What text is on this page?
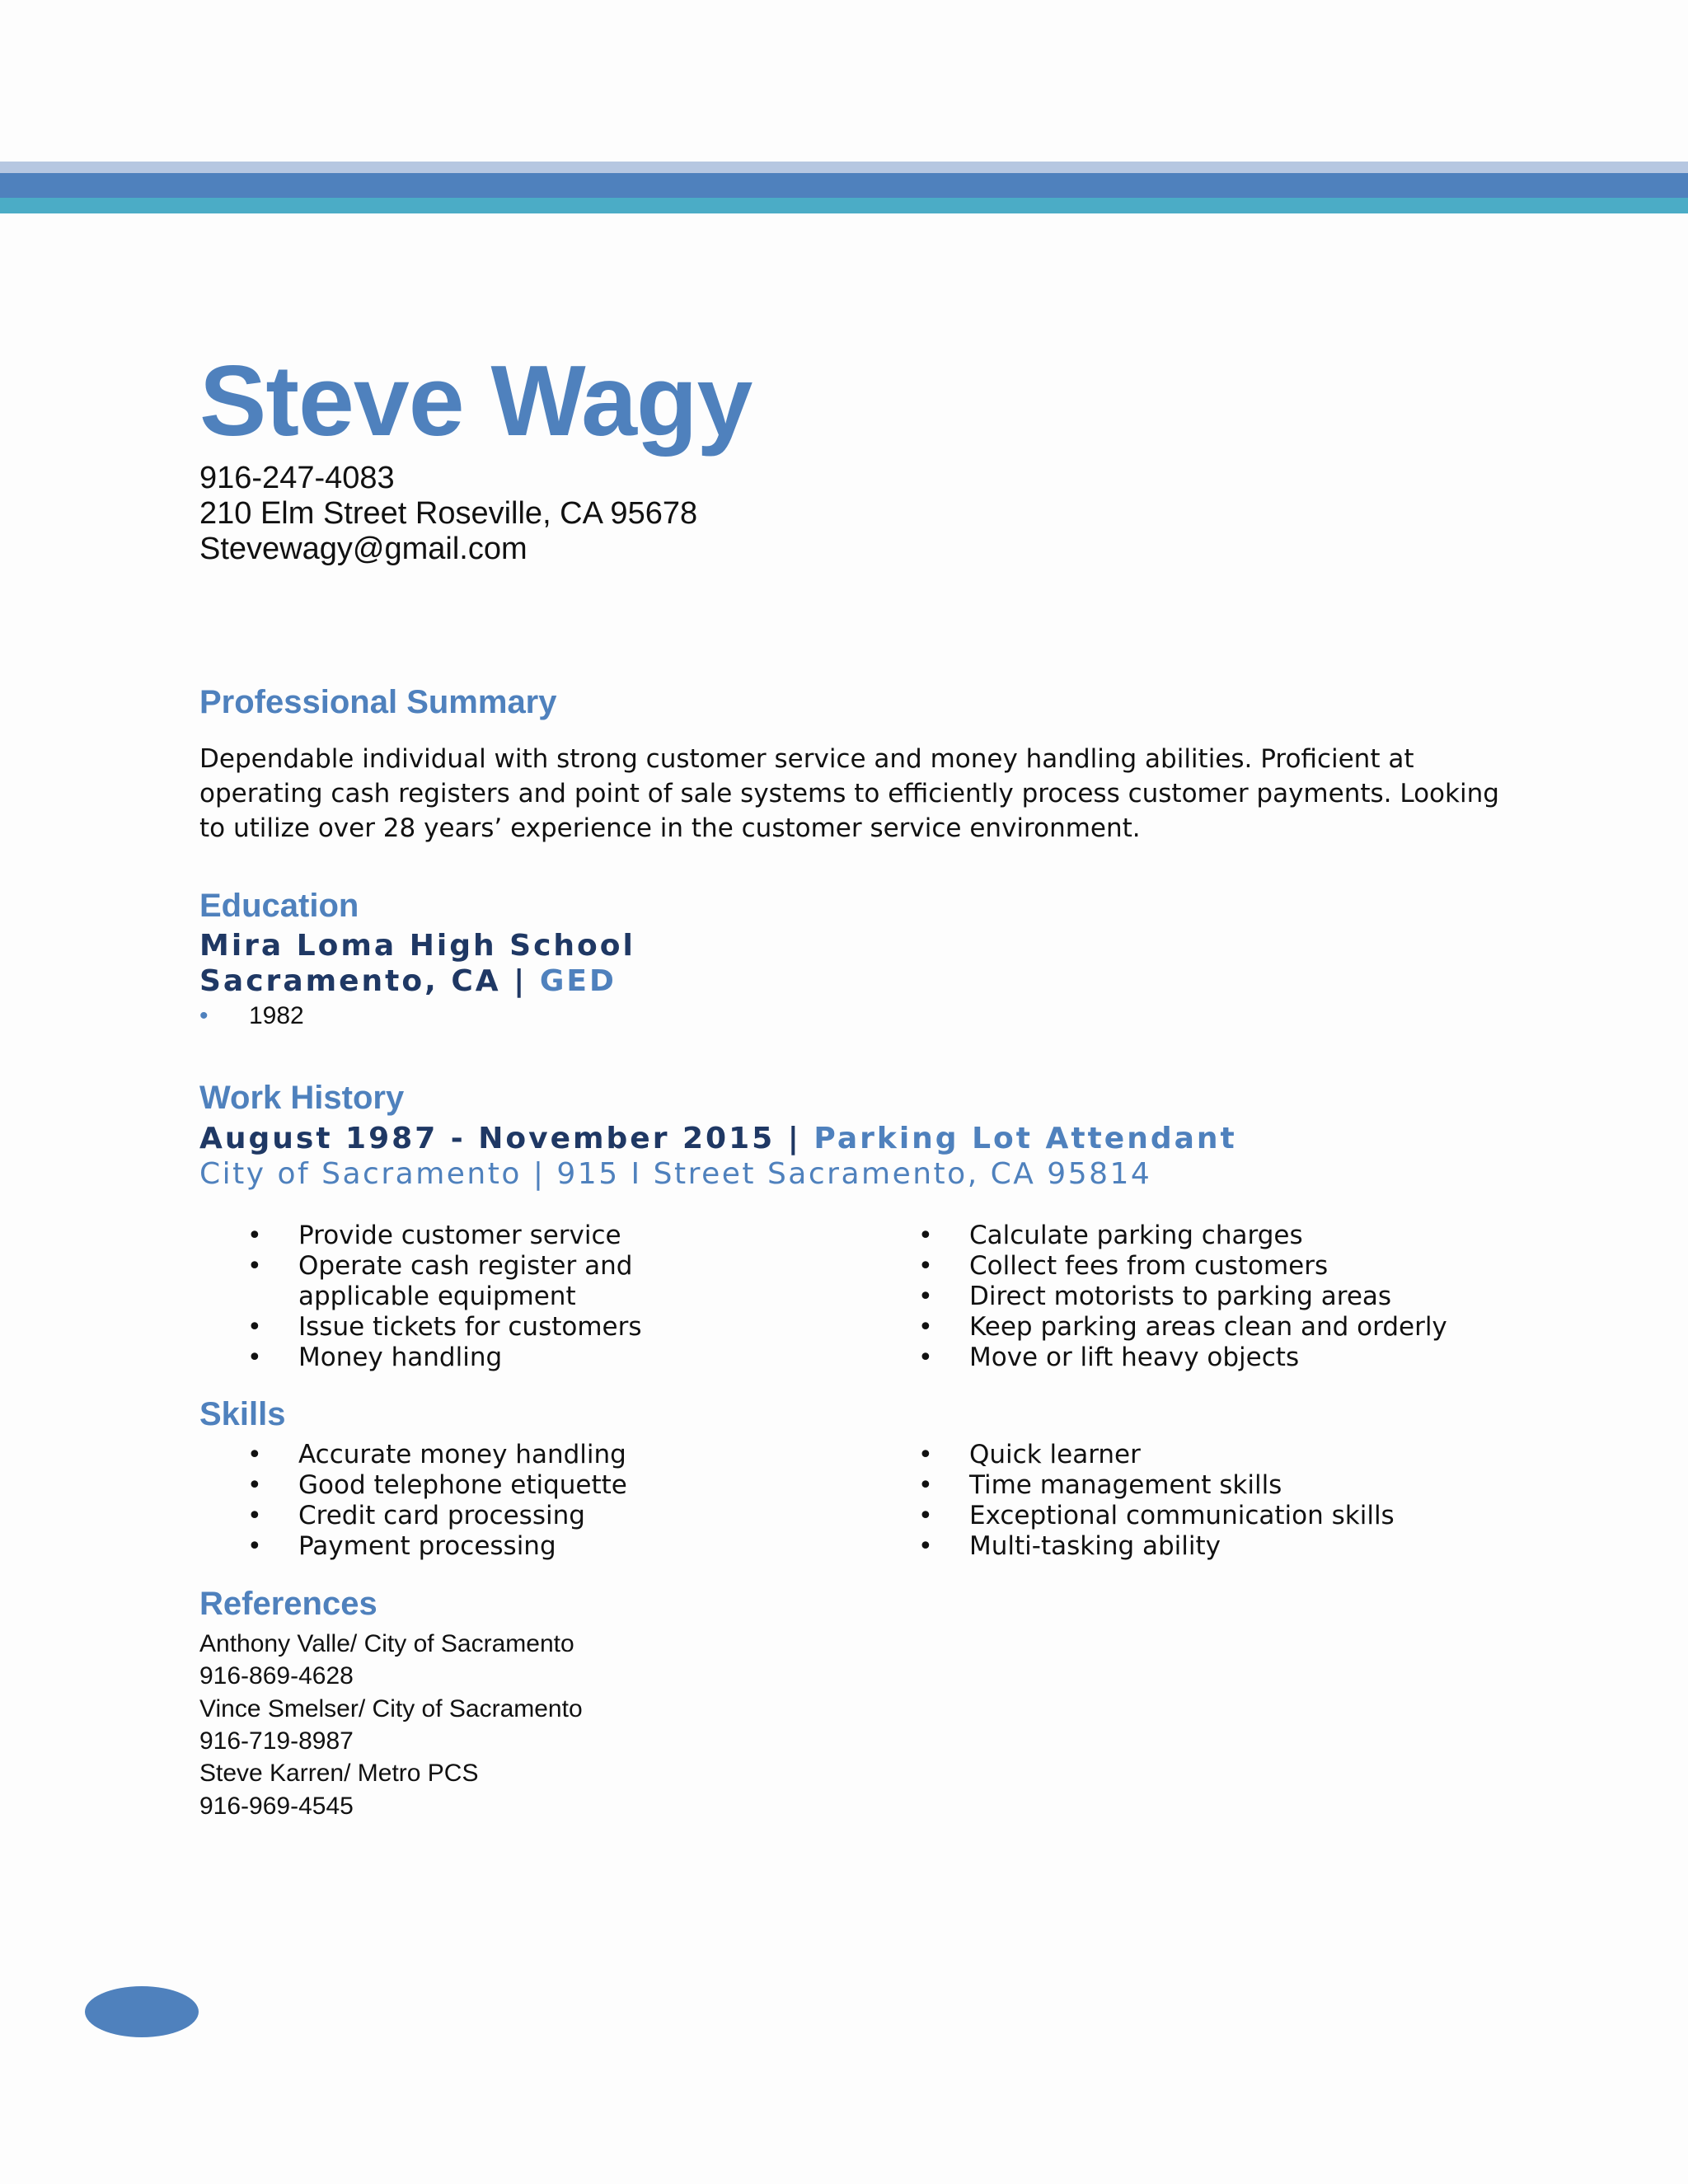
Steve Wagy
916-247-4083
210 Elm Street Roseville, CA 95678
Stevewagy@gmail.com
Professional Summary
Dependable individual with strong customer service and money handling abilities. Proficient at operating cash registers and point of sale systems to efficiently process customer payments. Looking to utilize over 28 years’ experience in the customer service environment.
Education
Mira Loma High School
Sacramento, CA | GED
• 1982
Work History
August 1987 - November 2015 | Parking Lot Attendant
City of Sacramento | 915 I Street Sacramento, CA 95814
• Provide customer service
• Operate cash register and applicable equipment
• Issue tickets for customers
• Money handling
• Calculate parking charges
• Collect fees from customers
• Direct motorists to parking areas
• Keep parking areas clean and orderly
• Move or lift heavy objects
Skills
• Accurate money handling
• Good telephone etiquette
• Credit card processing
• Payment processing
• Quick learner
• Time management skills
• Exceptional communication skills
• Multi-tasking ability
References
Anthony Valle/ City of Sacramento
916-869-4628
Vince Smelser/ City of Sacramento
916-719-8987
Steve Karren/ Metro PCS
916-969-4545
